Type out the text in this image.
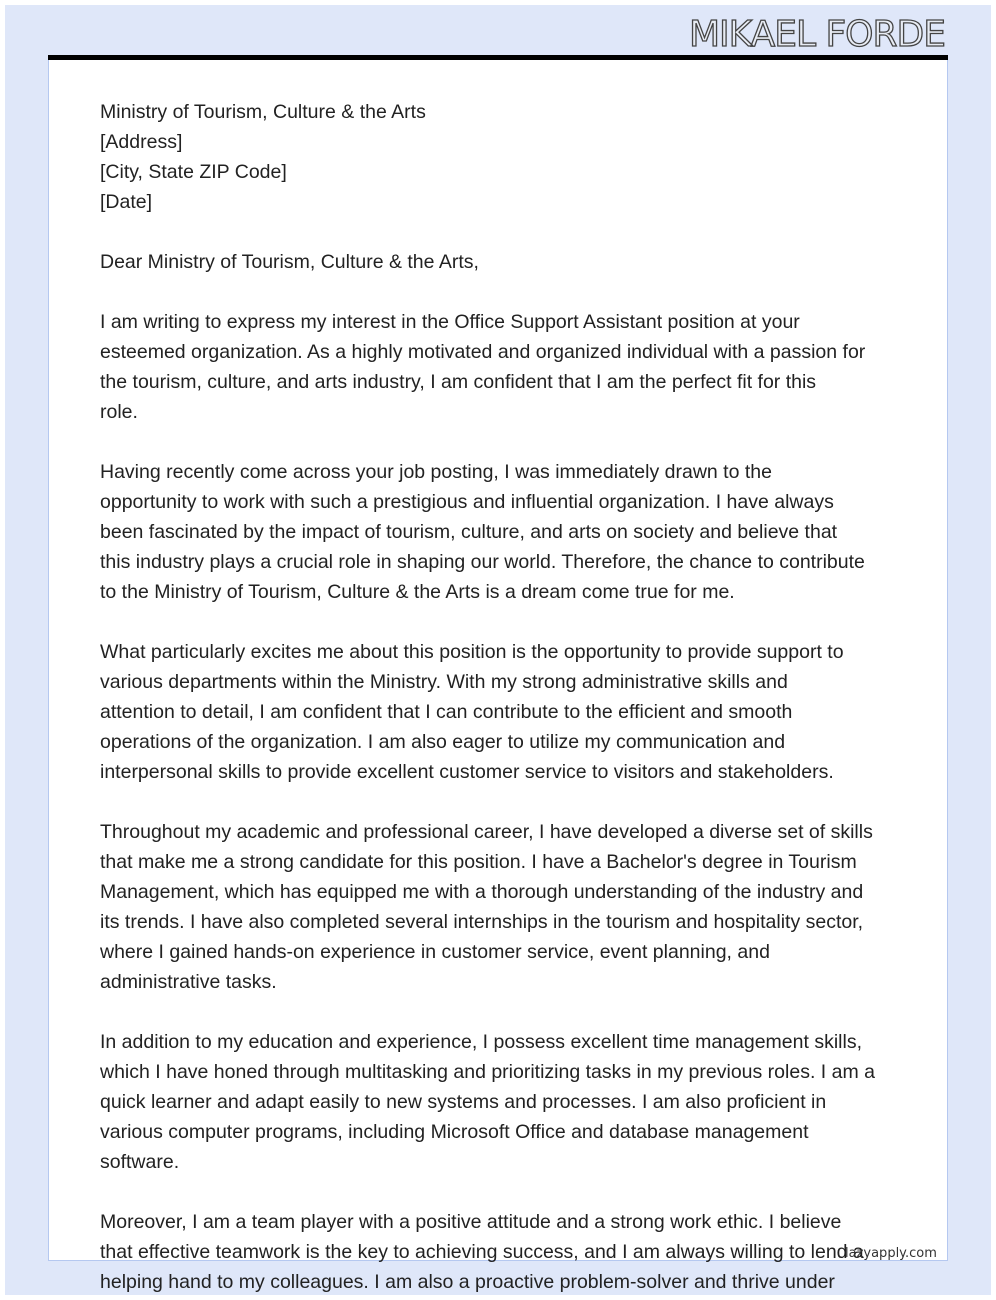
MIKAEL FORDE
Ministry of Tourism, Culture & the Arts
[Address]
[City, State ZIP Code]
[Date]
Dear Ministry of Tourism, Culture & the Arts,
I am writing to express my interest in the Office Support Assistant position at your
esteemed organization. As a highly motivated and organized individual with a passion for
the tourism, culture, and arts industry, I am confident that I am the perfect fit for this
role.
Having recently come across your job posting, I was immediately drawn to the
opportunity to work with such a prestigious and influential organization. I have always
been fascinated by the impact of tourism, culture, and arts on society and believe that
this industry plays a crucial role in shaping our world. Therefore, the chance to contribute
to the Ministry of Tourism, Culture & the Arts is a dream come true for me.
What particularly excites me about this position is the opportunity to provide support to
various departments within the Ministry. With my strong administrative skills and
attention to detail, I am confident that I can contribute to the efficient and smooth
operations of the organization. I am also eager to utilize my communication and
interpersonal skills to provide excellent customer service to visitors and stakeholders.
Throughout my academic and professional career, I have developed a diverse set of skills
that make me a strong candidate for this position. I have a Bachelor's degree in Tourism
Management, which has equipped me with a thorough understanding of the industry and
its trends. I have also completed several internships in the tourism and hospitality sector,
where I gained hands-on experience in customer service, event planning, and
administrative tasks.
In addition to my education and experience, I possess excellent time management skills,
which I have honed through multitasking and prioritizing tasks in my previous roles. I am a
quick learner and adapt easily to new systems and processes. I am also proficient in
various computer programs, including Microsoft Office and database management
software.
Moreover, I am a team player with a positive attitude and a strong work ethic. I believe
that effective teamwork is the key to achieving success, and I am always willing to lend a
helping hand to my colleagues. I am also a proactive problem-solver and thrive under
lazyapply.com
